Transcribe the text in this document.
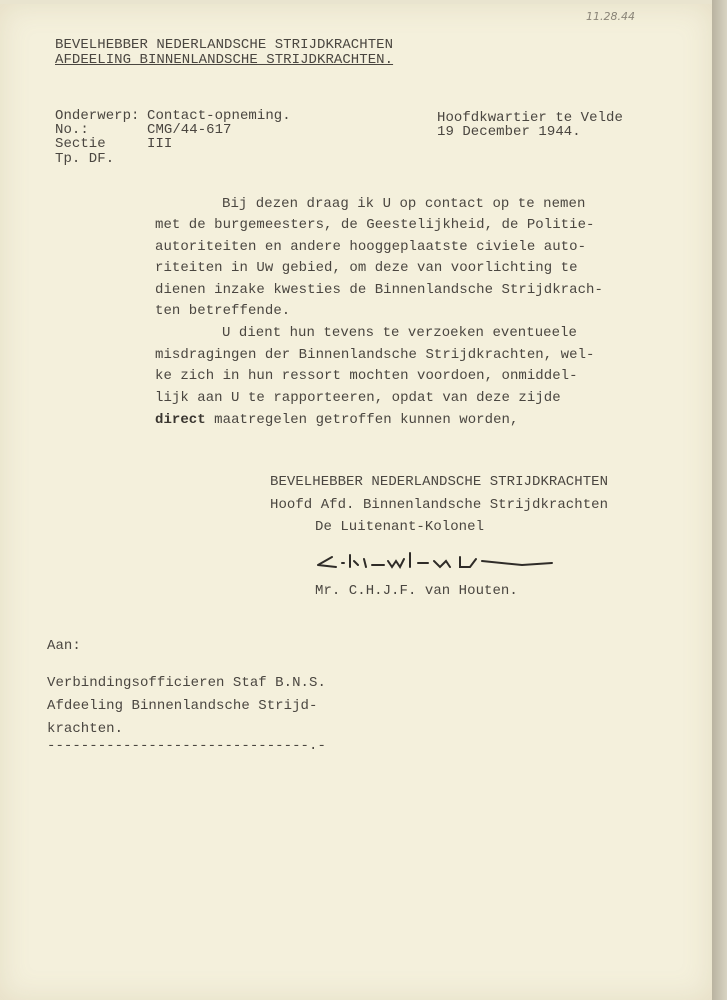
11.28.44
BEVELHEBBER NEDERLANDSCHE STRIJDKRACHTEN
AFDEELING BINNENLANDSCHE STRIJDKRACHTEN.
Onderwerp: Contact-opneming.
No.:	CMG/44-617
Sectie	III
Tp. DF.
Hoofdkwartier te Velde
19 December 1944.
Bij dezen draag ik U op contact op te nemen
met de burgemeesters, de Geestelijkheid, de Politie-
autoriteiten en andere hooggeplaatste civiele auto-
riteiten in Uw gebied, om deze van voorlichting te
dienen inzake kwesties de Binnenlandsche Strijdkrach-
ten betreffende.
U dient hun tevens te verzoeken eventueele
misdragingen der Binnenlandsche Strijdkrachten, wel-
ke zich in hun ressort mochten voordoen, onmiddel-
lijk aan U te rapporteeren, opdat van deze zijde
direct maatregelen getroffen kunnen worden,
BEVELHEBBER NEDERLANDSCHE STRIJDKRACHTEN
Hoofd Afd. Binnenlandsche Strijdkrachten
De Luitenant-Kolonel
Mr. C.H.J.F. van Houten.
Aan:
Verbindingsofficieren Staf B.N.S.
Afdeeling Binnenlandsche Strijd-
krachten.
-------------------------------.-
